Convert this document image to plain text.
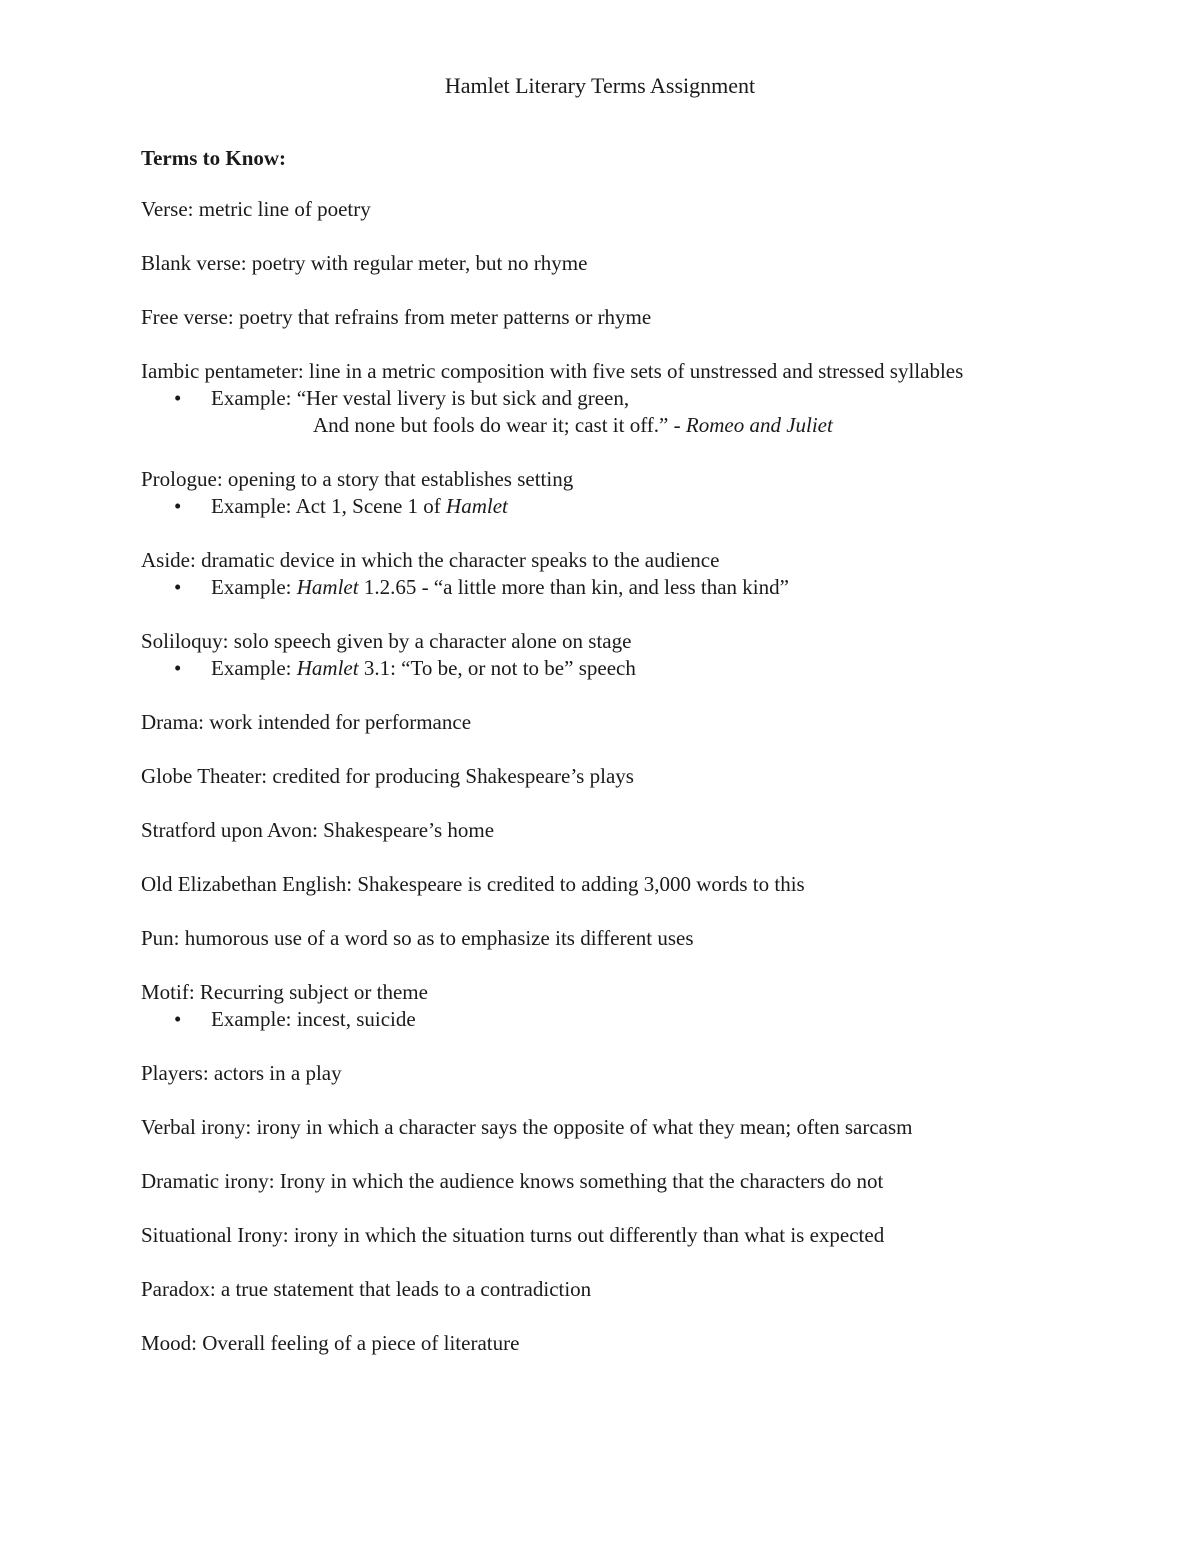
Hamlet Literary Terms Assignment
Terms to Know:

Verse: metric line of poetry

Blank verse: poetry with regular meter, but no rhyme

Free verse: poetry that refrains from meter patterns or rhyme

Iambic pentameter: line in a metric composition with five sets of unstressed and stressed syllables

•	Example: “Her vestal livery is but sick and green,

And none but fools do wear it; cast it off.” - Romeo and Juliet

Prologue: opening to a story that establishes setting

•	Example: Act 1, Scene 1 of Hamlet

Aside: dramatic device in which the character speaks to the audience

•	Example: Hamlet 1.2.65 - “a little more than kin, and less than kind”

Soliloquy: solo speech given by a character alone on stage

•	Example: Hamlet 3.1: “To be, or not to be” speech

Drama: work intended for performance

Globe Theater: credited for producing Shakespeare’s plays

Stratford upon Avon: Shakespeare’s home

Old Elizabethan English: Shakespeare is credited to adding 3,000 words to this

Pun: humorous use of a word so as to emphasize its different uses

Motif: Recurring subject or theme

•	Example: incest, suicide

Players: actors in a play

Verbal irony: irony in which a character says the opposite of what they mean; often sarcasm

Dramatic irony: Irony in which the audience knows something that the characters do not

Situational Irony: irony in which the situation turns out differently than what is expected

Paradox: a true statement that leads to a contradiction

Mood: Overall feeling of a piece of literature
